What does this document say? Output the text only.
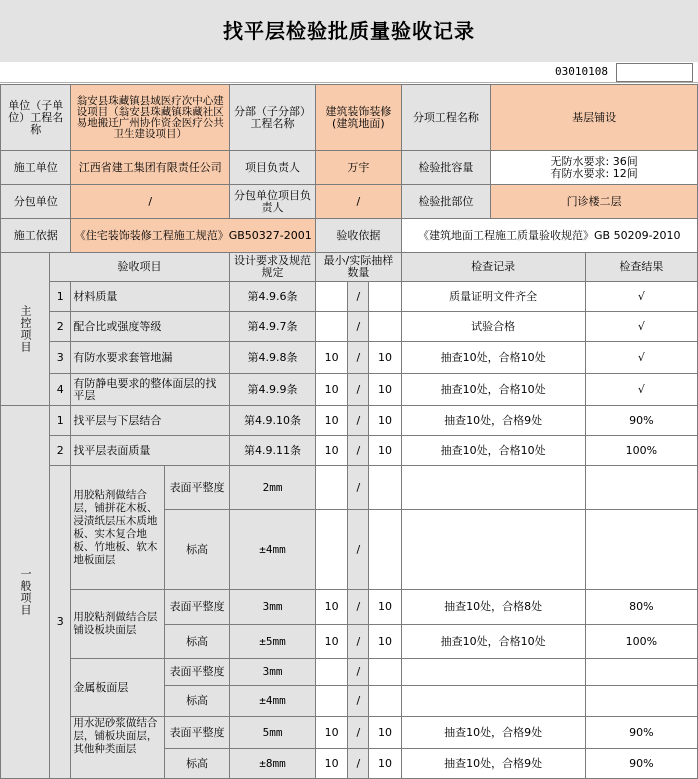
找平层检验批质量验收记录
03010108
单位（子单位）工程名称		翁安县珠藏镇县域医疗次中心建设项目（翁安县珠藏镇珠藏社区易地搬迁广州协作资金医疗公共卫生建设项目）		分部（子分部）工程名称	建筑装饰装修(建筑地面)			分项工程名称	基层铺设	
施工单位		江西省建工集团有限责任公司		项目负责人	万宇			检验批容量	无防水要求: 36间
有防水要求: 12间	

分包单位		/		分包单位项目负责人	/			检验批部位	门诊楼二层	
施工依据		《住宅装饰装修工程施工规范》GB50327-2001			验收依据			《建筑地面工程施工质量验收规范》GB 50209-2010		
主控项目	验收项目			设计要求及规范规定	最小/实际抽样数量			检查记录		检查结果
	1	材料质量		第4.9.6条		/		质量证明文件齐全		√
	2	配合比或强度等级		第4.9.7条		/		试验合格		√
	3	有防水要求套管地漏		第4.9.8条	10	/	10	抽查10处，合格10处		√
	4	有防静电要求的整体面层的找平层		第4.9.9条	10	/	10	抽查10处，合格10处		√
一般项目	1	找平层与下层结合		第4.9.10条	10	/	10	抽查10处，合格9处		90%
	2	找平层表面质量		第4.9.11条	10	/	10	抽查10处，合格10处		100%
	3	用胶粘剂做结合层，铺拼花木板、浸渍纸层压木质地板、实木复合地板、竹地板、软木地板面层	表面平整度	2mm		/				
			标高	±4mm		/				
		用胶粘剂做结合层铺设板块面层	表面平整度	3mm	10	/	10	抽查10处，合格8处		80%
			标高	±5mm	10	/	10	抽查10处，合格10处		100%
		金属板面层	表面平整度	3mm		/				
			标高	±4mm		/				
		用水泥砂浆做结合层，铺板块面层，其他种类面层	表面平整度	5mm	10	/	10	抽查10处，合格9处		90%
			标高	±8mm	10	/	10	抽查10处，合格9处		90%
